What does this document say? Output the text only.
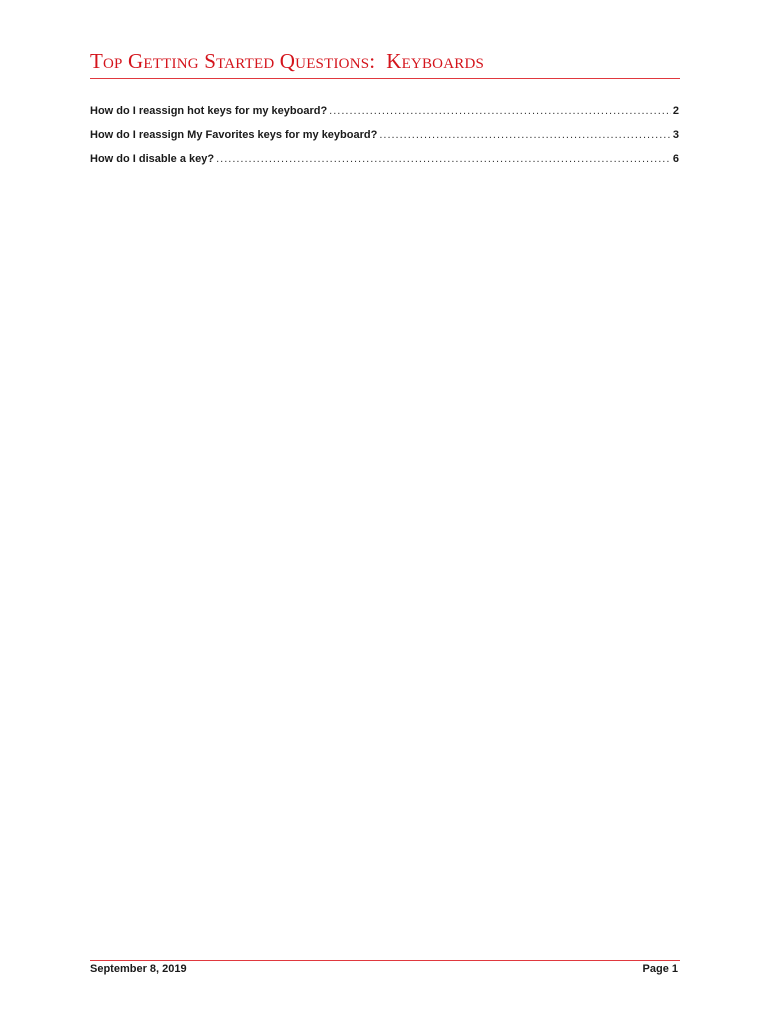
Top Getting Started Questions:  Keyboards
How do I reassign hot keys for my keyboard? .....	2
How do I reassign My Favorites keys for my keyboard? .....	3
How do I disable a key? .....	6
September 8, 2019	Page 1
